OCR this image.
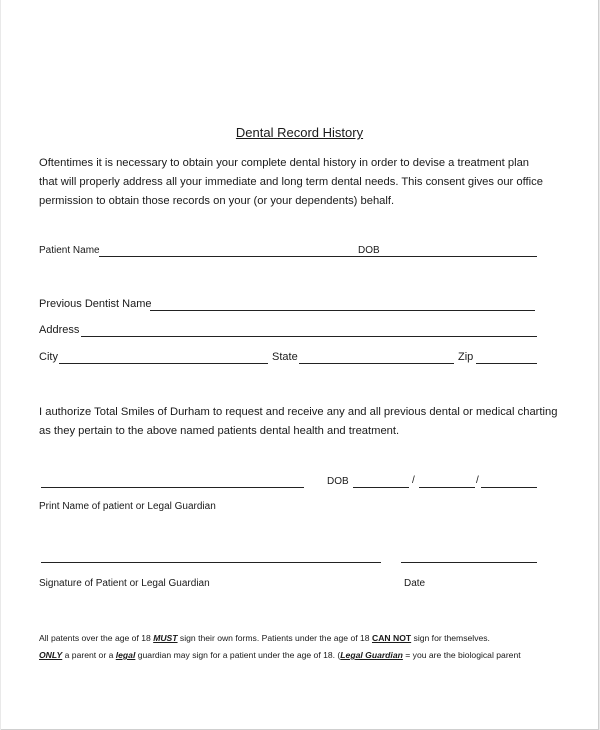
Dental Record History
Oftentimes it is necessary to obtain your complete dental history in order to devise a treatment plan that will properly address all your immediate and long term dental needs. This consent gives our office permission to obtain those records on your (or your dependents) behalf.
Patient Name	DOB
Previous Dentist Name
Address
City	State	Zip
I authorize Total Smiles of Durham to request and receive any and all previous dental or medical charting as they pertain to the above named patients dental health and treatment.
DOB	/	/
Print Name of patient or Legal Guardian
Signature of Patient or Legal Guardian	Date
All patents over the age of 18 MUST sign their own forms. Patients under the age of 18 CAN NOT sign for themselves.
ONLY a parent or a legal guardian may sign for a patient under the age of 18. (Legal Guardian = you are the biological parent
